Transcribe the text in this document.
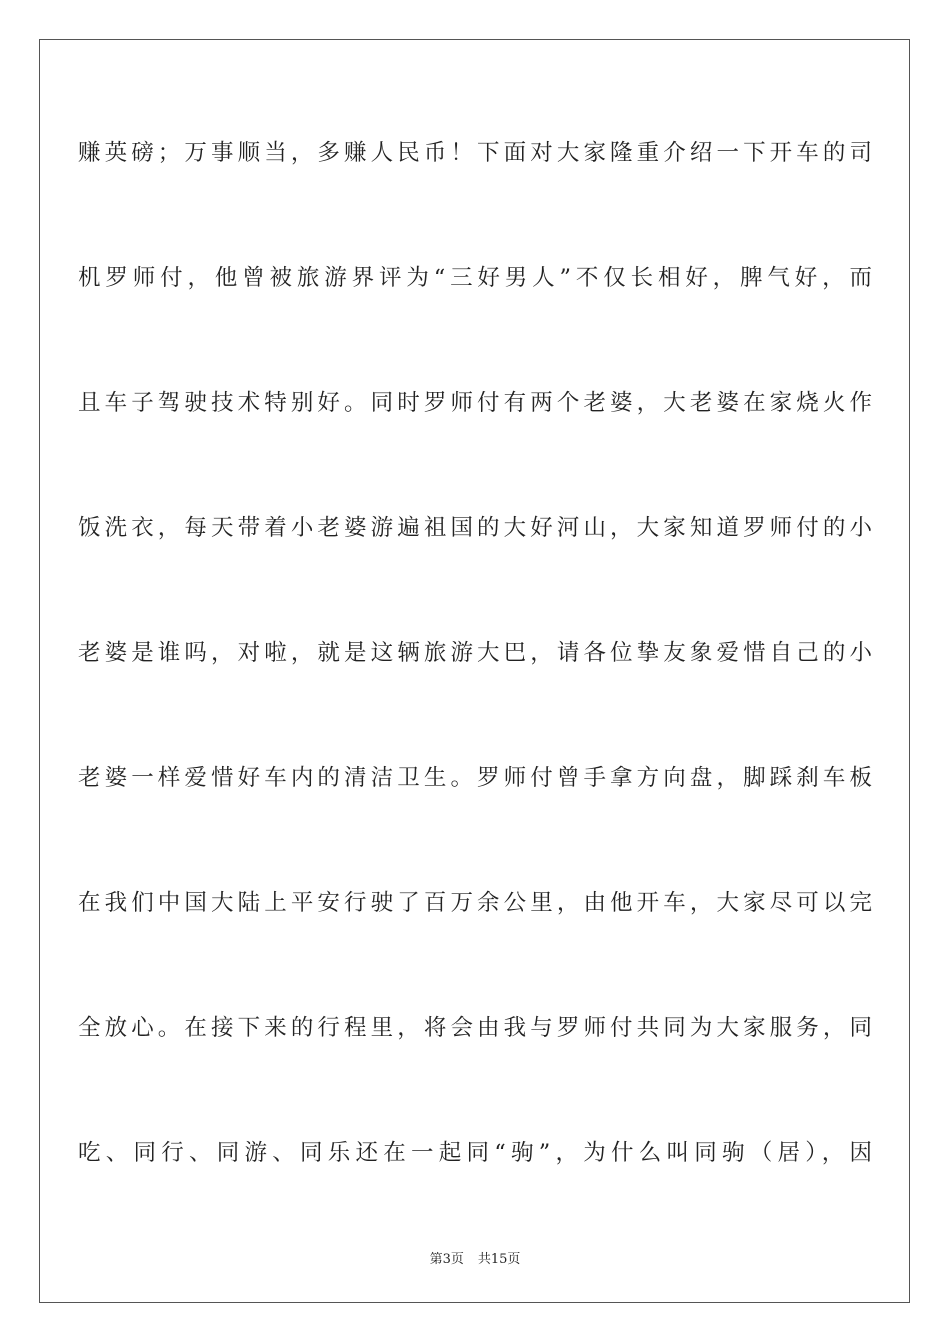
赚英磅；万事顺当，多赚人民币！下面对大家隆重介绍一下开车的司
机罗师付，他曾被旅游界评为“三好男人”不仅长相好，脾气好，而
且车子驾驶技术特别好。同时罗师付有两个老婆，大老婆在家烧火作
饭洗衣，每天带着小老婆游遍祖国的大好河山，大家知道罗师付的小
老婆是谁吗，对啦，就是这辆旅游大巴，请各位挚友象爱惜自己的小
老婆一样爱惜好车内的清洁卫生。罗师付曾手拿方向盘，脚踩刹车板
在我们中国大陆上平安行驶了百万余公里，由他开车，大家尽可以完
全放心。在接下来的行程里，将会由我与罗师付共同为大家服务，同
吃、同行、同游、同乐还在一起同“驹”，为什么叫同驹（居），因
第3页 共15页
